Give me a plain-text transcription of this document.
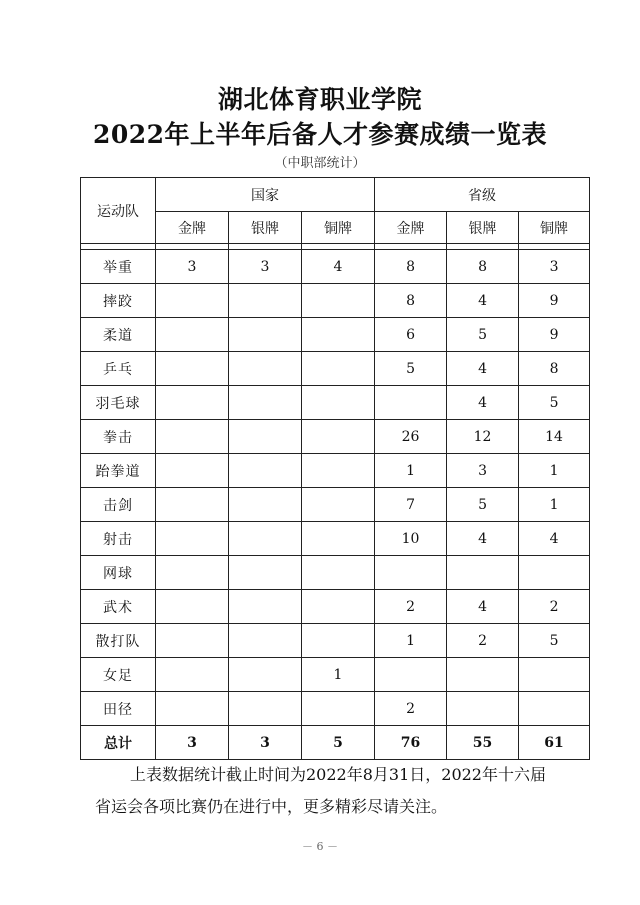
湖北体育职业学院
2022年上半年后备人才参赛成绩一览表
（中职部统计）
运动队	国家			省级		
	金牌	银牌	铜牌	金牌	银牌	铜牌

举重	3	3	4	8	8	3
摔跤				8	4	9
柔道				6	5	9
乒乓				5	4	8
羽毛球					4	5
拳击				26	12	14
跆拳道				1	3	1
击剑				7	5	1
射击				10	4	4
网球						
武术				2	4	2
散打队				1	2	5
女足			1			
田径				2		
总计	3	3	5	76	55	61
上表数据统计截止时间为2022年8月31日，2022年十六届
省运会各项比赛仍在进行中，更多精彩尽请关注。
－ 6 －
